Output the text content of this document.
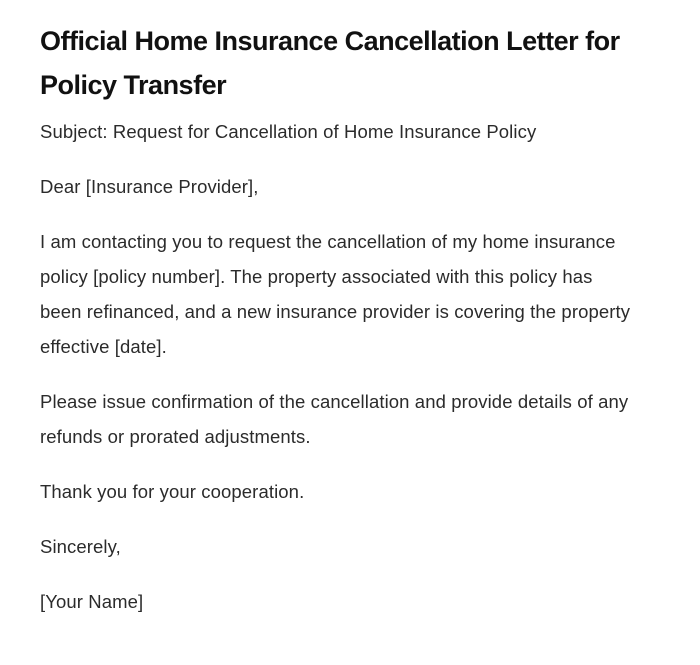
Official Home Insurance Cancellation Letter for Policy Transfer

Subject: Request for Cancellation of Home Insurance Policy

Dear [Insurance Provider],

I am contacting you to request the cancellation of my home insurance policy [policy number]. The property associated with this policy has been refinanced, and a new insurance provider is covering the property effective [date].

Please issue confirmation of the cancellation and provide details of any refunds or prorated adjustments.

Thank you for your cooperation.

Sincerely,

[Your Name]
